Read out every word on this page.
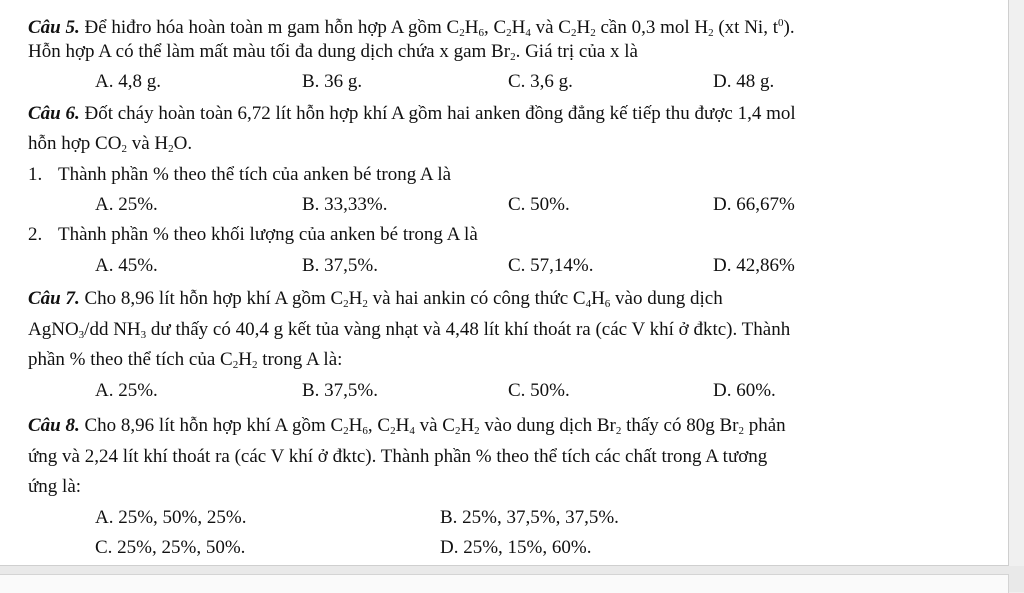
Câu 5. Để hiđro hóa hoàn toàn m gam hỗn hợp A gồm $C_2H_6$, $C_2H_4$ và $C_2H_2$ cần 0,3 mol $H_2$ (xt Ni, $t^0$).
Hỗn hợp A có thể làm mất màu tối đa dung dịch chứa x gam $Br_2$. Giá trị của x là
A. 4,8 g.	B. 36 g.	C. 3,6 g.	D. 48 g.
Câu 6. Đốt cháy hoàn toàn 6,72 lít hỗn hợp khí A gồm hai anken đồng đẳng kế tiếp thu được 1,4 mol
hỗn hợp $CO_2$ và $H_2O$.
1. Thành phần % theo thể tích của anken bé trong A là
A. 25%.	B. 33,33%.	C. 50%.	D. 66,67%
2. Thành phần % theo khối lượng của anken bé trong A là
A. 45%.	B. 37,5%.	C. 57,14%.	D. 42,86%
Câu 7. Cho 8,96 lít hỗn hợp khí A gồm $C_2H_2$ và hai ankin có công thức $C_4H_6$ vào dung dịch
AgNO$_3$/dd $NH_3$ dư thấy có 40,4 g kết tủa vàng nhạt và 4,48 lít khí thoát ra (các V khí ở đktc). Thành
phần % theo thể tích của $C_2H_2$ trong A là:
A. 25%.	B. 37,5%.	C. 50%.	D. 60%.
Câu 8. Cho 8,96 lít hỗn hợp khí A gồm $C_2H_6$, $C_2H_4$ và $C_2H_2$ vào dung dịch $Br_2$ thấy có 80g $Br_2$ phản
ứng và 2,24 lít khí thoát ra (các V khí ở đktc). Thành phần % theo thể tích các chất trong A tương
ứng là:
A. 25%, 50%, 25%.	B. 25%, 37,5%, 37,5%.
C. 25%, 25%, 50%.	D. 25%, 15%, 60%.
